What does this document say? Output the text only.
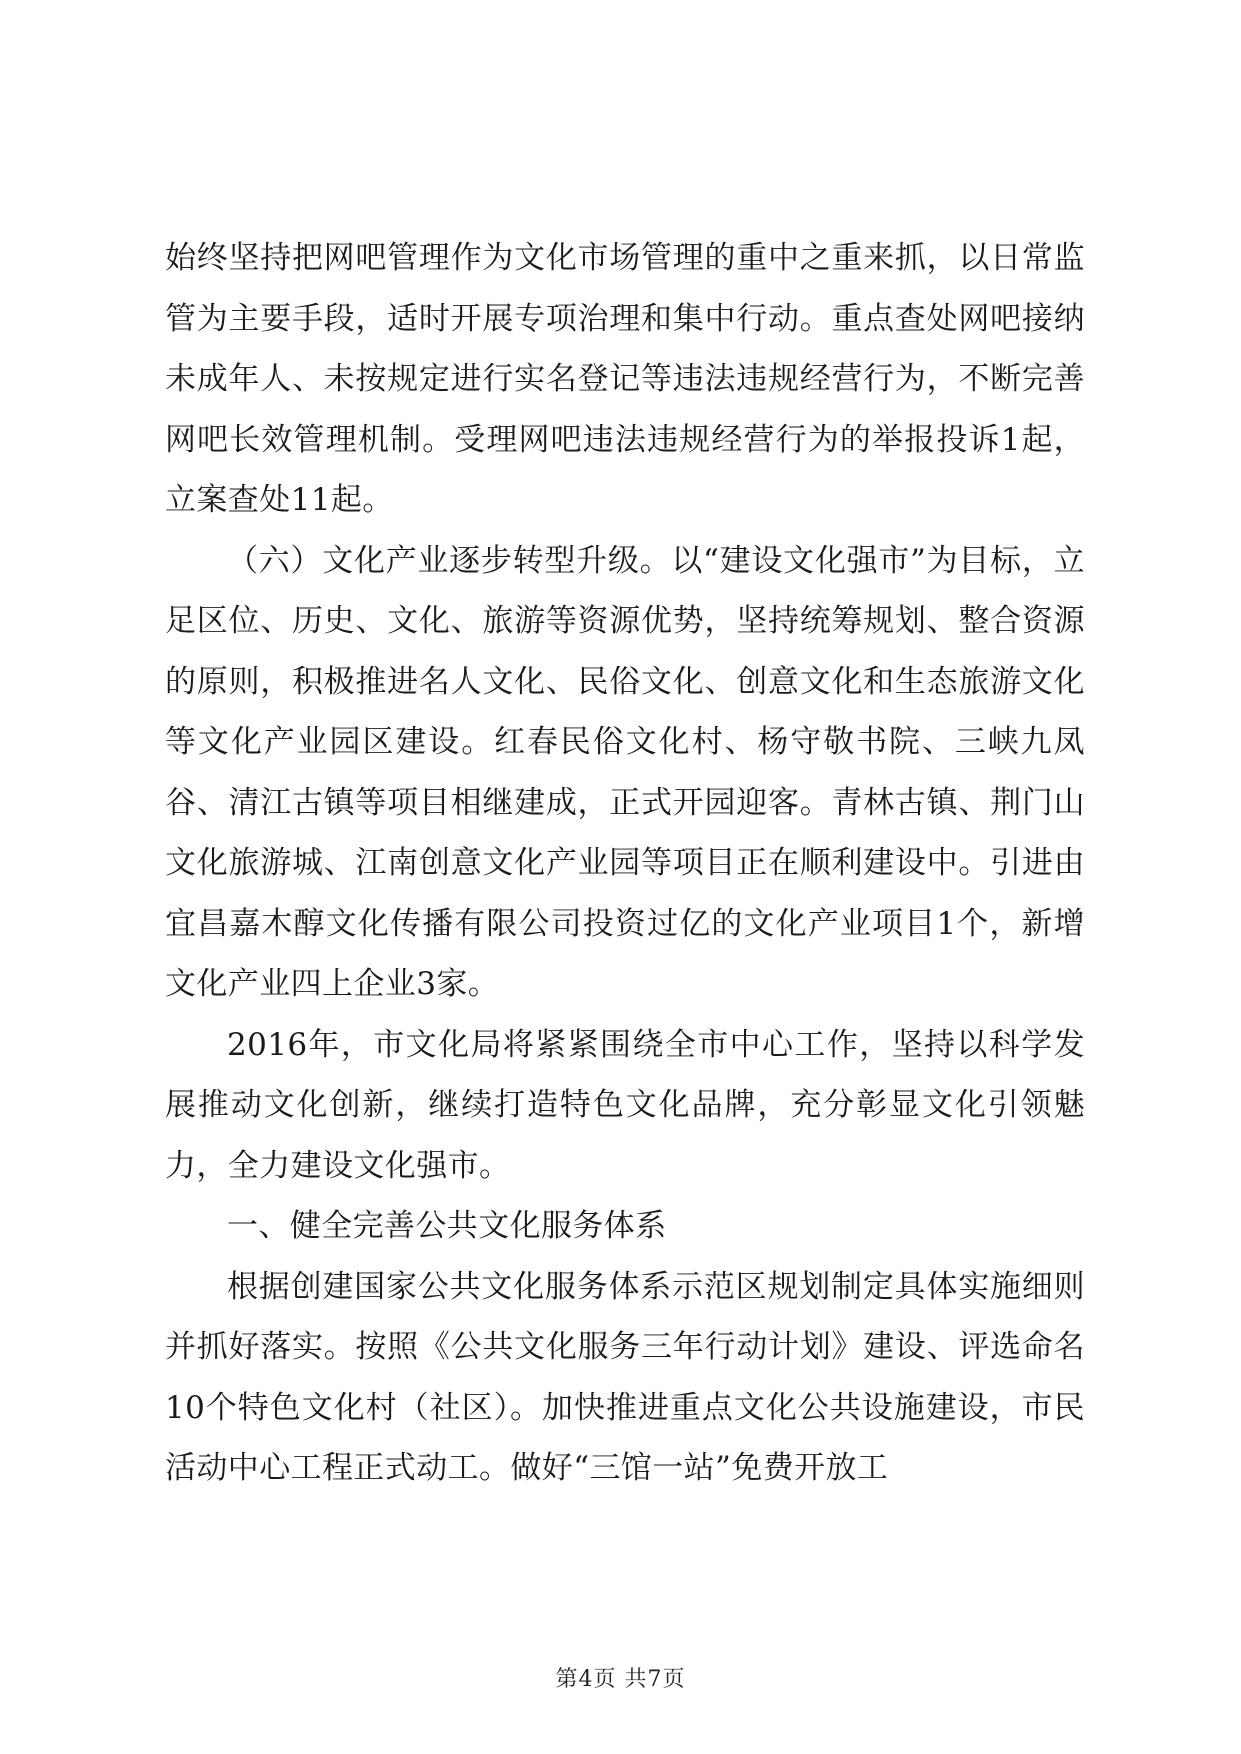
始终坚持把网吧管理作为文化市场管理的重中之重来抓，以日常监管为主要手段，适时开展专项治理和集中行动。重点查处网吧接纳未成年人、未按规定进行实名登记等违法违规经营行为，不断完善网吧长效管理机制。受理网吧违法违规经营行为的举报投诉1起，立案查处11起。

（六）文化产业逐步转型升级。以“建设文化强市”为目标，立足区位、历史、文化、旅游等资源优势，坚持统筹规划、整合资源的原则，积极推进名人文化、民俗文化、创意文化和生态旅游文化等文化产业园区建设。红春民俗文化村、杨守敬书院、三峡九凤谷、清江古镇等项目相继建成，正式开园迎客。青林古镇、荆门山文化旅游城、江南创意文化产业园等项目正在顺利建设中。引进由宜昌嘉木醇文化传播有限公司投资过亿的文化产业项目1个，新增文化产业四上企业3家。

2016年，市文化局将紧紧围绕全市中心工作，坚持以科学发展推动文化创新，继续打造特色文化品牌，充分彰显文化引领魅力，全力建设文化强市。

一、健全完善公共文化服务体系

根据创建国家公共文化服务体系示范区规划制定具体实施细则并抓好落实。按照《公共文化服务三年行动计划》建设、评选命名10个特色文化村（社区）。加快推进重点文化公共设施建设，市民活动中心工程正式动工。做好“三馆一站”免费开放工

第4页 共7页
